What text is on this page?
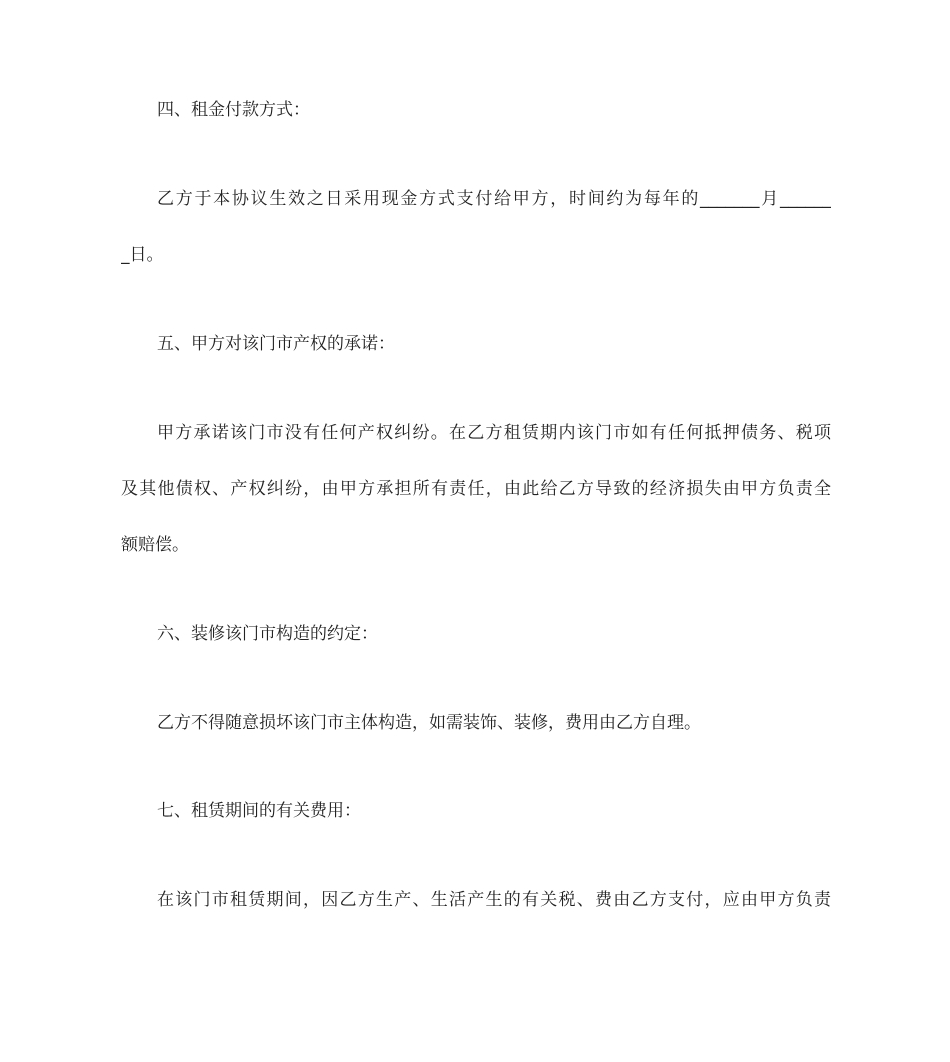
四、租金付款方式：
乙方于本协议生效之日采用现金方式支付给甲方，时间约为每年的_______月______
_日。
五、甲方对该门市产权的承诺：
甲方承诺该门市没有任何产权纠纷。在乙方租赁期内该门市如有任何抵押债务、税项
及其他债权、产权纠纷，由甲方承担所有责任，由此给乙方导致的经济损失由甲方负责全
额赔偿。
六、装修该门市构造的约定：
乙方不得随意损坏该门市主体构造，如需装饰、装修，费用由乙方自理。
七、租赁期间的有关费用：
在该门市租赁期间，因乙方生产、生活产生的有关税、费由乙方支付，应由甲方负责
